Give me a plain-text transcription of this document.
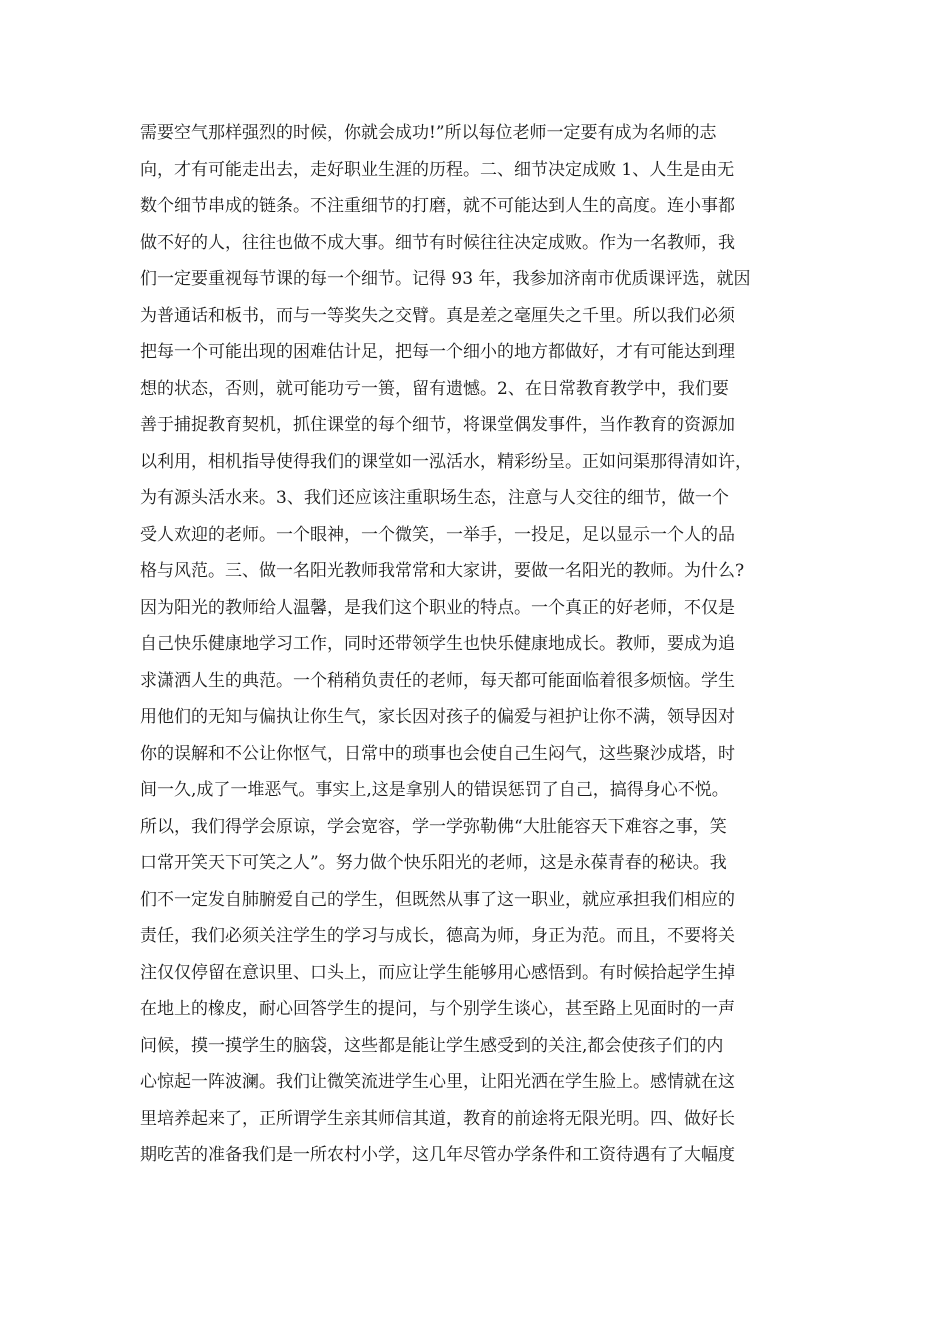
需要空气那样强烈的时候，你就会成功!”所以每位老师一定要有成为名师的志
向，才有可能走出去，走好职业生涯的历程。二、细节决定成败 1、人生是由无
数个细节串成的链条。不注重细节的打磨，就不可能达到人生的高度。连小事都
做不好的人，往往也做不成大事。细节有时候往往决定成败。作为一名教师，我
们一定要重视每节课的每一个细节。记得 93 年，我参加济南市优质课评选，就因
为普通话和板书，而与一等奖失之交臂。真是差之毫厘失之千里。所以我们必须
把每一个可能出现的困难估计足，把每一个细小的地方都做好，才有可能达到理
想的状态，否则，就可能功亏一篑，留有遗憾。2、在日常教育教学中，我们要
善于捕捉教育契机，抓住课堂的每个细节，将课堂偶发事件，当作教育的资源加
以利用，相机指导使得我们的课堂如一泓活水，精彩纷呈。正如问渠那得清如许，
为有源头活水来。3、我们还应该注重职场生态，注意与人交往的细节，做一个
受人欢迎的老师。一个眼神，一个微笑，一举手，一投足，足以显示一个人的品
格与风范。三、做一名阳光教师我常常和大家讲，要做一名阳光的教师。为什么?
因为阳光的教师给人温馨，是我们这个职业的特点。一个真正的好老师，不仅是
自己快乐健康地学习工作，同时还带领学生也快乐健康地成长。教师，要成为追
求潇洒人生的典范。一个稍稍负责任的老师，每天都可能面临着很多烦恼。学生
用他们的无知与偏执让你生气，家长因对孩子的偏爱与袒护让你不满，领导因对
你的误解和不公让你怄气，日常中的琐事也会使自己生闷气，这些聚沙成塔，时
间一久,成了一堆恶气。事实上,这是拿别人的错误惩罚了自己，搞得身心不悦。
所以，我们得学会原谅，学会宽容，学一学弥勒佛“大肚能容天下难容之事，笑
口常开笑天下可笑之人”。努力做个快乐阳光的老师，这是永葆青春的秘诀。我
们不一定发自肺腑爱自己的学生，但既然从事了这一职业，就应承担我们相应的
责任，我们必须关注学生的学习与成长，德高为师，身正为范。而且，不要将关
注仅仅停留在意识里、口头上，而应让学生能够用心感悟到。有时候拾起学生掉
在地上的橡皮，耐心回答学生的提问，与个别学生谈心，甚至路上见面时的一声
问候，摸一摸学生的脑袋，这些都是能让学生感受到的关注,都会使孩子们的内
心惊起一阵波澜。我们让微笑流进学生心里，让阳光洒在学生脸上。感情就在这
里培养起来了，正所谓学生亲其师信其道，教育的前途将无限光明。四、做好长
期吃苦的准备我们是一所农村小学，这几年尽管办学条件和工资待遇有了大幅度
